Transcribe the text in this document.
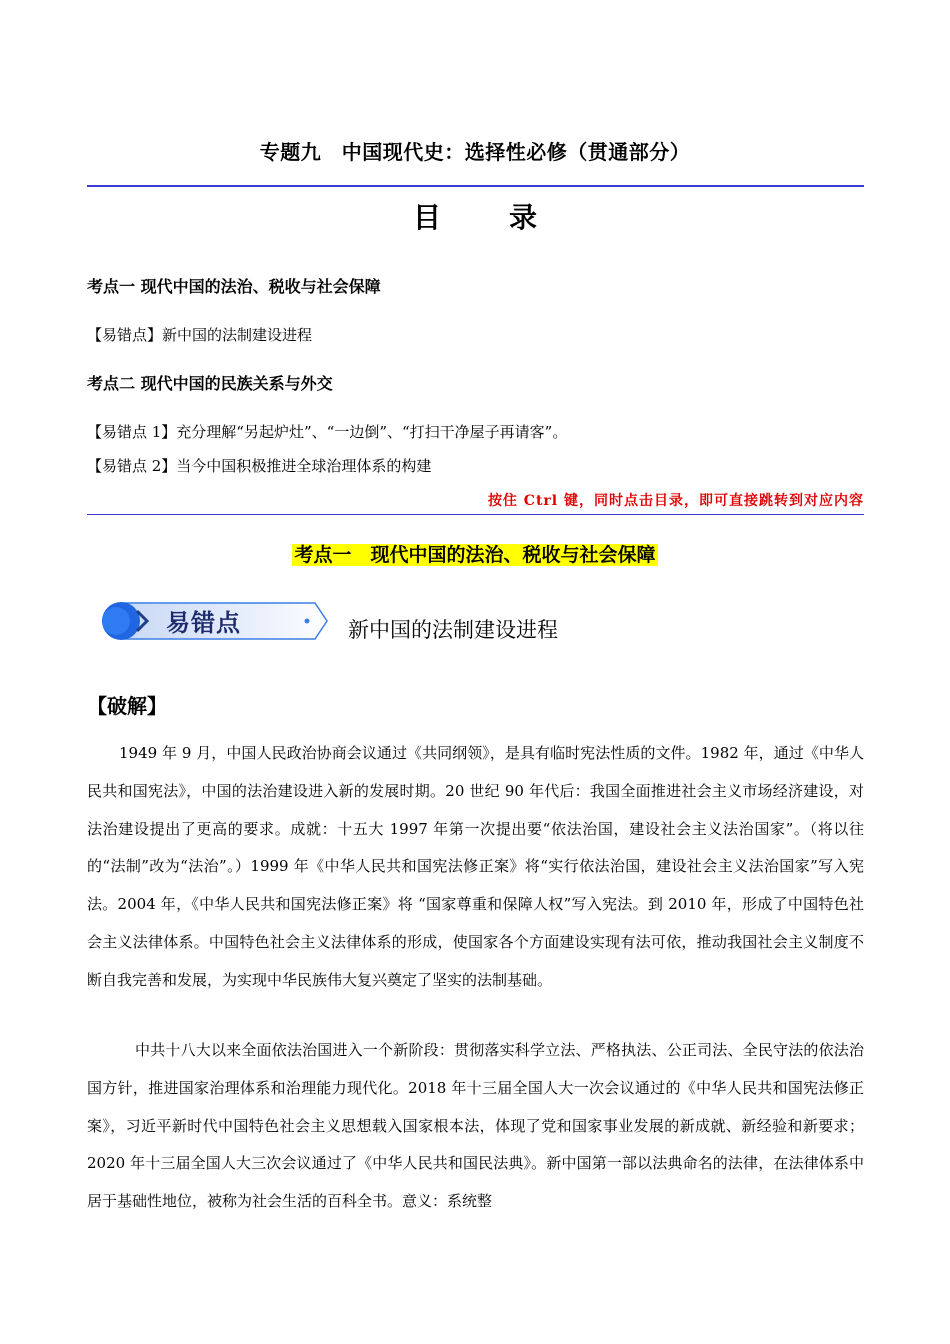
专题九　中国现代史：选择性必修（贯通部分）
目　录
考点一 现代中国的法治、税收与社会保障
【易错点】新中国的法制建设进程
考点二 现代中国的民族关系与外交
【易错点 1】充分理解“另起炉灶”、“一边倒”、“打扫干净屋子再请客”。
【易错点 2】当今中国积极推进全球治理体系的构建
按住 Ctrl 键，同时点击目录，即可直接跳转到对应内容
考点一　现代中国的法治、税收与社会保障
易错点	新中国的法制建设进程
【破解】

1949 年 9 月，中国人民政治协商会议通过《共同纲领》，是具有临时宪法性质的文件。1982 年，通过《中华人民共和国宪法》，中国的法治建设进入新的发展时期。20 世纪 90 年代后：我国全面推进社会主义市场经济建设，对法治建设提出了更高的要求。成就：十五大 1997 年第一次提出要“依法治国，建设社会主义法治国家”。（将以往的“法制”改为“法治”。）1999 年《中华人民共和国宪法修正案》将“实行依法治国，建设社会主义法治国家”写入宪法。2004 年，《中华人民共和国宪法修正案》将 “国家尊重和保障人权”写入宪法。到 2010 年，形成了中国特色社会主义法律体系。中国特色社会主义法律体系的形成，使国家各个方面建设实现有法可依，推动我国社会主义制度不断自我完善和发展，为实现中华民族伟大复兴奠定了坚实的法制基础。

中共十八大以来全面依法治国进入一个新阶段：贯彻落实科学立法、严格执法、公正司法、全民守法的依法治国方针，推进国家治理体系和治理能力现代化。2018 年十三届全国人大一次会议通过的《中华人民共和国宪法修正案》，习近平新时代中国特色社会主义思想载入国家根本法，体现了党和国家事业发展的新成就、新经验和新要求；2020 年十三届全国人大三次会议通过了《中华人民共和国民法典》。新中国第一部以法典命名的法律，在法律体系中居于基础性地位，被称为社会生活的百科全书。意义：系统整
